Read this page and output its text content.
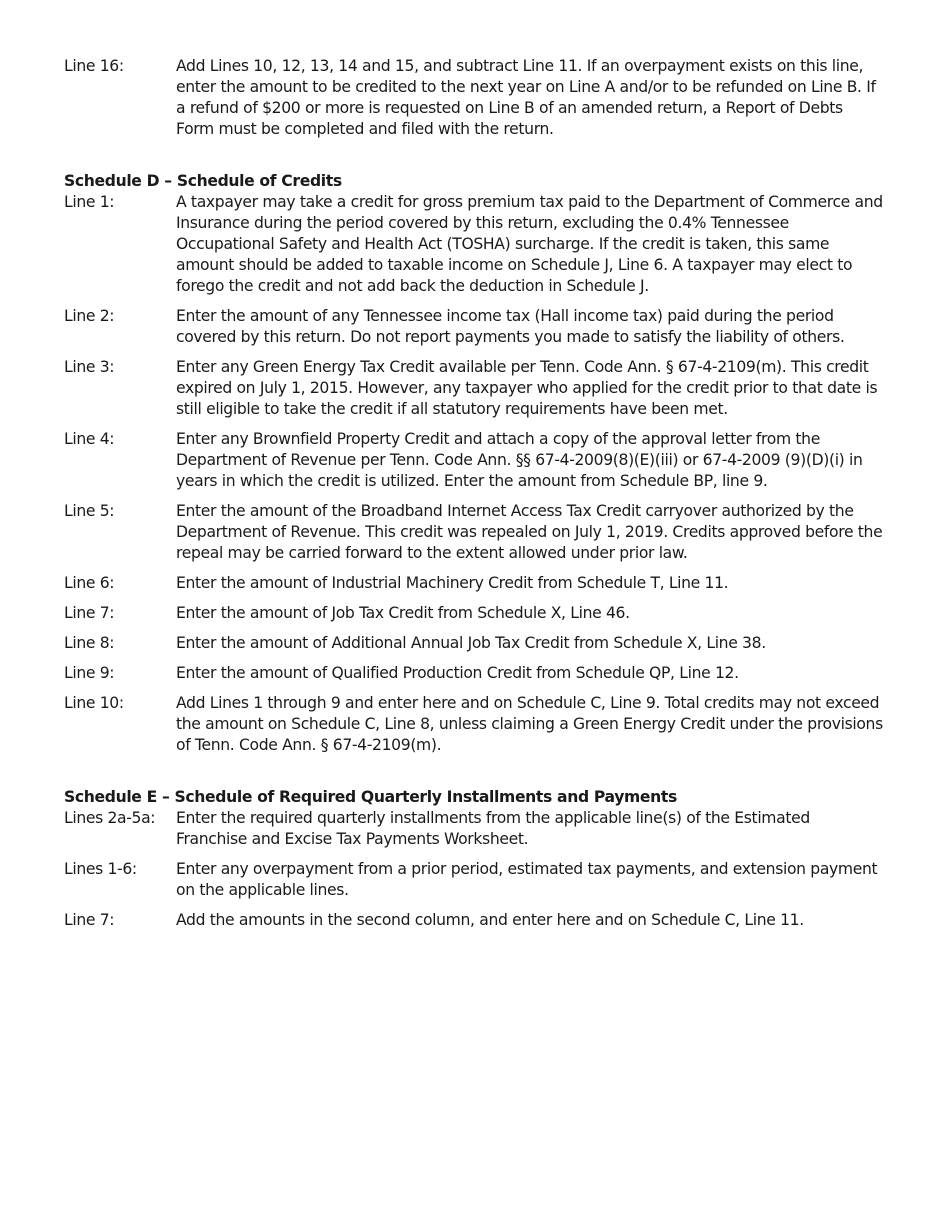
Line 16:	Add Lines 10, 12, 13, 14 and 15, and subtract Line 11. If an overpayment exists on this line, enter the amount to be credited to the next year on Line A and/or to be refunded on Line B. If a refund of $200 or more is requested on Line B of an amended return, a Report of Debts Form must be completed and filed with the return.
Schedule D – Schedule of Credits
Line 1:	A taxpayer may take a credit for gross premium tax paid to the Department of Commerce and Insurance during the period covered by this return, excluding the 0.4% Tennessee Occupational Safety and Health Act (TOSHA) surcharge. If the credit is taken, this same amount should be added to taxable income on Schedule J, Line 6. A taxpayer may elect to forego the credit and not add back the deduction in Schedule J.
Line 2:	Enter the amount of any Tennessee income tax (Hall income tax) paid during the period covered by this return. Do not report payments you made to satisfy the liability of others.
Line 3:	Enter any Green Energy Tax Credit available per Tenn. Code Ann. § 67-4-2109(m). This credit expired on July 1, 2015. However, any taxpayer who applied for the credit prior to that date is still eligible to take the credit if all statutory requirements have been met.
Line 4:	Enter any Brownfield Property Credit and attach a copy of the approval letter from the Department of Revenue per Tenn. Code Ann. §§ 67-4-2009(8)(E)(iii) or 67-4-2009 (9)(D)(i) in years in which the credit is utilized. Enter the amount from Schedule BP, line 9.
Line 5:	Enter the amount of the Broadband Internet Access Tax Credit carryover authorized by the Department of Revenue. This credit was repealed on July 1, 2019. Credits approved before the repeal may be carried forward to the extent allowed under prior law.
Line 6:	Enter the amount of Industrial Machinery Credit from Schedule T, Line 11.
Line 7:	Enter the amount of Job Tax Credit from Schedule X, Line 46.
Line 8:	Enter the amount of Additional Annual Job Tax Credit from Schedule X, Line 38.
Line 9:	Enter the amount of Qualified Production Credit from Schedule QP, Line 12.
Line 10:	Add Lines 1 through 9 and enter here and on Schedule C, Line 9. Total credits may not exceed the amount on Schedule C, Line 8, unless claiming a Green Energy Credit under the provisions of Tenn. Code Ann. § 67-4-2109(m).
Schedule E – Schedule of Required Quarterly Installments and Payments
Lines 2a-5a:	Enter the required quarterly installments from the applicable line(s) of the Estimated Franchise and Excise Tax Payments Worksheet.
Lines 1-6:	Enter any overpayment from a prior period, estimated tax payments, and extension payment on the applicable lines.
Line 7:	Add the amounts in the second column, and enter here and on Schedule C, Line 11.
